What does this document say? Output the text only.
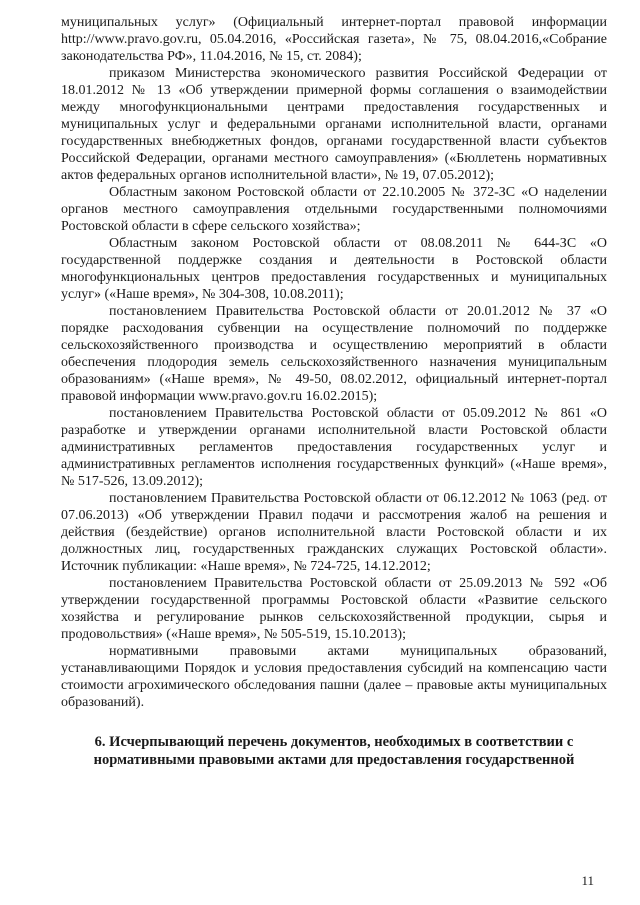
муниципальных услуг» (Официальный интернет-портал правовой информации http://www.pravo.gov.ru, 05.04.2016, «Российская газета», № 75, 08.04.2016,«Собрание законодательства РФ», 11.04.2016, № 15, ст. 2084);

приказом Министерства экономического развития Российской Федерации от 18.01.2012 № 13 «Об утверждении примерной формы соглашения о взаимодействии между многофункциональными центрами предоставления государственных и муниципальных услуг и федеральными органами исполнительной власти, органами государственных внебюджетных фондов, органами государственной власти субъектов Российской Федерации, органами местного самоуправления» («Бюллетень нормативных актов федеральных органов исполнительной власти», № 19, 07.05.2012);

Областным законом Ростовской области от 22.10.2005 № 372-ЗС «О наделении органов местного самоуправления отдельными государственными полномочиями Ростовской области в сфере сельского хозяйства»;

Областным законом Ростовской области от 08.08.2011 № 644-ЗС «О государственной поддержке создания и деятельности в Ростовской области многофункциональных центров предоставления государственных и муниципальных услуг» («Наше время», № 304-308, 10.08.2011);

постановлением Правительства Ростовской области от 20.01.2012 № 37 «О порядке расходования субвенции на осуществление полномочий по поддержке сельскохозяйственного производства и осуществлению мероприятий в области обеспечения плодородия земель сельскохозяйственного назначения муниципальным образованиям» («Наше время», № 49-50, 08.02.2012, официальный интернет-портал правовой информации www.pravo.gov.ru 16.02.2015);

постановлением Правительства Ростовской области от 05.09.2012 № 861 «О разработке и утверждении органами исполнительной власти Ростовской области административных регламентов предоставления государственных услуг и административных регламентов исполнения государственных функций» («Наше время», № 517-526, 13.09.2012);

постановлением Правительства Ростовской области от 06.12.2012 № 1063 (ред. от 07.06.2013) «Об утверждении Правил подачи и рассмотрения жалоб на решения и действия (бездействие) органов исполнительной власти Ростовской области и их должностных лиц, государственных гражданских служащих Ростовской области». Источник публикации: «Наше время», № 724-725, 14.12.2012;

постановлением Правительства Ростовской области от 25.09.2013 № 592 «Об утверждении государственной программы Ростовской области «Развитие сельского хозяйства и регулирование рынков сельскохозяйственной продукции, сырья и продовольствия» («Наше время», № 505-519, 15.10.2013);

нормативными правовыми актами муниципальных образований, устанавливающими Порядок и условия предоставления субсидий на компенсацию части стоимости агрохимического обследования пашни (далее – правовые акты муниципальных образований).

6. Исчерпывающий перечень документов, необходимых в соответствии с нормативными правовыми актами для предоставления государственной

11
